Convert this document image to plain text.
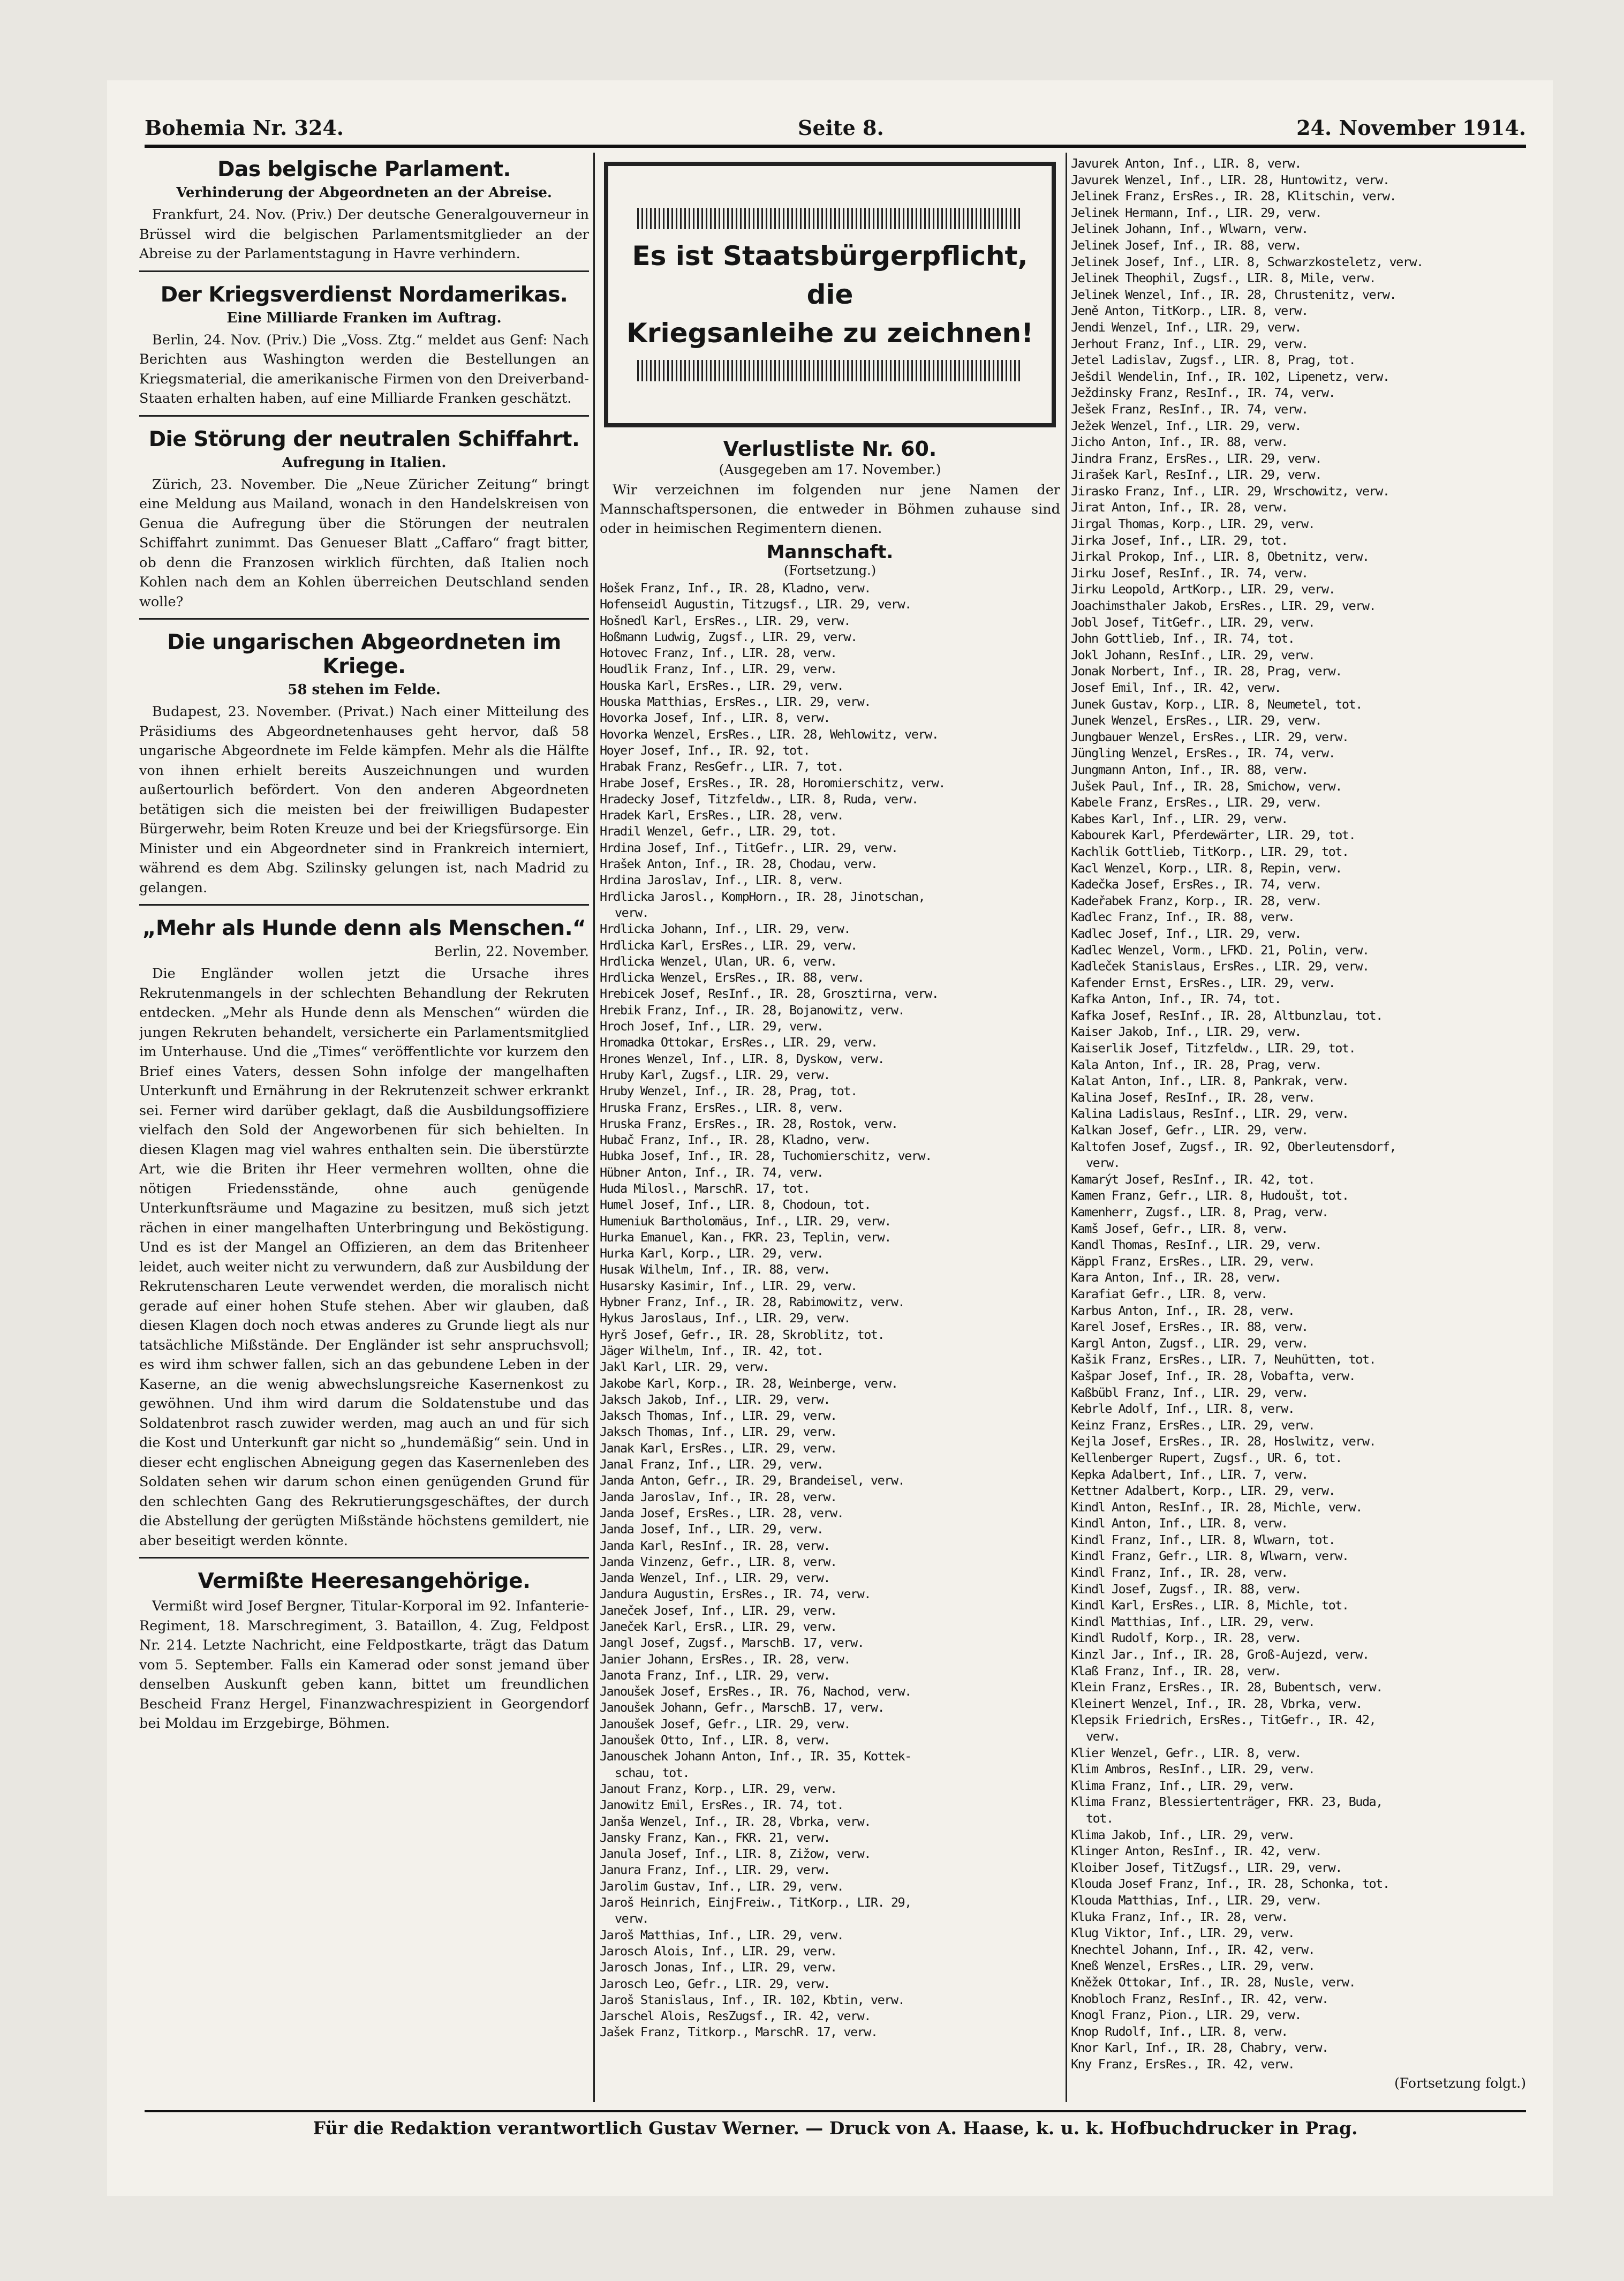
Bohemia Nr. 324.	Seite 8.	24. November 1914.
Das belgische Parlament.
Verhinderung der Abgeordneten an der Abreise.

Frankfurt, 24. Nov. (Priv.) Der deutsche Generalgouverneur in Brüssel wird die belgischen Parlamentsmitglieder an der Abreise zu der Parlamentstagung in Havre verhindern.

Der Kriegsverdienst Nordamerikas.
Eine Milliarde Franken im Auftrag.

Berlin, 24. Nov. (Priv.) Die „Voss. Ztg.“ meldet aus Genf: Nach Berichten aus Washington werden die Bestellungen an Kriegsmaterial, die amerikanische Firmen von den Dreiverband-Staaten erhalten haben, auf eine Milliarde Franken geschätzt.

Die Störung der neutralen Schiffahrt.
Aufregung in Italien.

Zürich, 23. November. Die „Neue Züricher Zeitung“ bringt eine Meldung aus Mailand, wonach in den Handelskreisen von Genua die Aufregung über die Störungen der neutralen Schiffahrt zunimmt. Das Genueser Blatt „Caffaro“ fragt bitter, ob denn die Franzosen wirklich fürchten, daß Italien noch Kohlen nach dem an Kohlen überreichen Deutschland senden wolle?

Die ungarischen Abgeordneten im Kriege.
58 stehen im Felde.

Budapest, 23. November. (Privat.) Nach einer Mitteilung des Präsidiums des Abgeordnetenhauses geht hervor, daß 58 ungarische Abgeordnete im Felde kämpfen. Mehr als die Hälfte von ihnen erhielt bereits Auszeichnungen und wurden außertourlich befördert. Von den anderen Abgeordneten betätigen sich die meisten bei der freiwilligen Budapester Bürgerwehr, beim Roten Kreuze und bei der Kriegsfürsorge. Ein Minister und ein Abgeordneter sind in Frankreich interniert, während es dem Abg. Szilinsky gelungen ist, nach Madrid zu gelangen.

„Mehr als Hunde denn als Menschen.“
Berlin, 22. November.

Die Engländer wollen jetzt die Ursache ihres Rekrutenmangels in der schlechten Behandlung der Rekruten entdecken. „Mehr als Hunde denn als Menschen“ würden die jungen Rekruten behandelt, versicherte ein Parlamentsmitglied im Unterhause. Und die „Times“ veröffentlichte vor kurzem den Brief eines Vaters, dessen Sohn infolge der mangelhaften Unterkunft und Ernährung in der Rekrutenzeit schwer erkrankt sei. Ferner wird darüber geklagt, daß die Ausbildungsoffiziere vielfach den Sold der Angeworbenen für sich behielten. In diesen Klagen mag viel wahres enthalten sein. Die überstürzte Art, wie die Briten ihr Heer vermehren wollten, ohne die nötigen Friedensstände, ohne auch genügende Unterkunftsräume und Magazine zu besitzen, muß sich jetzt rächen in einer mangelhaften Unterbringung und Beköstigung. Und es ist der Mangel an Offizieren, an dem das Britenheer leidet, auch weiter nicht zu verwundern, daß zur Ausbildung der Rekrutenscharen Leute verwendet werden, die moralisch nicht gerade auf einer hohen Stufe stehen. Aber wir glauben, daß diesen Klagen doch noch etwas anderes zu Grunde liegt als nur tatsächliche Mißstände. Der Engländer ist sehr anspruchsvoll; es wird ihm schwer fallen, sich an das gebundene Leben in der Kaserne, an die wenig abwechslungsreiche Kasernenkost zu gewöhnen. Und ihm wird darum die Soldatenstube und das Soldatenbrot rasch zuwider werden, mag auch an und für sich die Kost und Unterkunft gar nicht so „hundemäßig“ sein. Und in dieser echt englischen Abneigung gegen das Kasernenleben des Soldaten sehen wir darum schon einen genügenden Grund für den schlechten Gang des Rekrutierungsgeschäftes, der durch die Abstellung der gerügten Mißstände höchstens gemildert, nie aber beseitigt werden könnte.

Vermißte Heeresangehörige.

Vermißt wird Josef Bergner, Titular-Korporal im 92. Infanterie-Regiment, 18. Marschregiment, 3. Bataillon, 4. Zug, Feldpost Nr. 214. Letzte Nachricht, eine Feldpostkarte, trägt das Datum vom 5. September. Falls ein Kamerad oder sonst jemand über denselben Auskunft geben kann, bittet um freundlichen Bescheid Franz Hergel, Finanzwachrespizient in Georgendorf bei Moldau im Erzgebirge, Böhmen.

Es ist Staatsbürgerpflicht, die
Kriegsanleihe zu zeichnen!
Verlustliste Nr. 60.
(Ausgegeben am 17. November.)

Wir verzeichnen im folgenden nur jene Namen der Mannschaftspersonen, die entweder in Böhmen zuhause sind oder in heimischen Regimentern dienen.

Mannschaft.
(Fortsetzung.)
Hošek Franz, Inf., IR. 28, Kladno, verw.
Hofenseidl Augustin, Titzugsf., LIR. 29, verw.
Hošnedl Karl, ErsRes., LIR. 29, verw.
Hoßmann Ludwig, Zugsf., LIR. 29, verw.
Hotovec Franz, Inf., LIR. 28, verw.
Houdlik Franz, Inf., LIR. 29, verw.
Houska Karl, ErsRes., LIR. 29, verw.
Houska Matthias, ErsRes., LIR. 29, verw.
Hovorka Josef, Inf., LIR. 8, verw.
Hovorka Wenzel, ErsRes., LIR. 28, Wehlowitz, verw.
Hoyer Josef, Inf., IR. 92, tot.
Hrabak Franz, ResGefr., LIR. 7, tot.
Hrabe Josef, ErsRes., IR. 28, Horomierschitz, verw.
Hradecky Josef, Titzfeldw., LIR. 8, Ruda, verw.
Hradek Karl, ErsRes., LIR. 28, verw.
Hradil Wenzel, Gefr., LIR. 29, tot.
Hrdina Josef, Inf., TitGefr., LIR. 29, verw.
Hrašek Anton, Inf., IR. 28, Chodau, verw.
Hrdina Jaroslav, Inf., LIR. 8, verw.
Hrdlicka Jarosl., KompHorn., IR. 28, Jinotschan,
verw.
Hrdlicka Johann, Inf., LIR. 29, verw.
Hrdlicka Karl, ErsRes., LIR. 29, verw.
Hrdlicka Wenzel, Ulan, UR. 6, verw.
Hrdlicka Wenzel, ErsRes., IR. 88, verw.
Hrebicek Josef, ResInf., IR. 28, Grosztirna, verw.
Hrebik Franz, Inf., IR. 28, Bojanowitz, verw.
Hroch Josef, Inf., LIR. 29, verw.
Hromadka Ottokar, ErsRes., LIR. 29, verw.
Hrones Wenzel, Inf., LIR. 8, Dyskow, verw.
Hruby Karl, Zugsf., LIR. 29, verw.
Hruby Wenzel, Inf., IR. 28, Prag, tot.
Hruska Franz, ErsRes., LIR. 8, verw.
Hruska Franz, ErsRes., IR. 28, Rostok, verw.
Hubač Franz, Inf., IR. 28, Kladno, verw.
Hubka Josef, Inf., IR. 28, Tuchomierschitz, verw.
Hübner Anton, Inf., IR. 74, verw.
Huda Milosl., MarschR. 17, tot.
Humel Josef, Inf., LIR. 8, Chodoun, tot.
Humeniuk Bartholomäus, Inf., LIR. 29, verw.
Hurka Emanuel, Kan., FKR. 23, Teplin, verw.
Hurka Karl, Korp., LIR. 29, verw.
Husak Wilhelm, Inf., IR. 88, verw.
Husarsky Kasimir, Inf., LIR. 29, verw.
Hybner Franz, Inf., IR. 28, Rabimowitz, verw.
Hykus Jaroslaus, Inf., LIR. 29, verw.
Hyrš Josef, Gefr., IR. 28, Skroblitz, tot.
Jäger Wilhelm, Inf., IR. 42, tot.
Jakl Karl, LIR. 29, verw.
Jakobe Karl, Korp., IR. 28, Weinberge, verw.
Jaksch Jakob, Inf., LIR. 29, verw.
Jaksch Thomas, Inf., LIR. 29, verw.
Jaksch Thomas, Inf., LIR. 29, verw.
Janak Karl, ErsRes., LIR. 29, verw.
Janal Franz, Inf., LIR. 29, verw.
Janda Anton, Gefr., IR. 29, Brandeisel, verw.
Janda Jaroslav, Inf., IR. 28, verw.
Janda Josef, ErsRes., LIR. 28, verw.
Janda Josef, Inf., LIR. 29, verw.
Janda Karl, ResInf., IR. 28, verw.
Janda Vinzenz, Gefr., LIR. 8, verw.
Janda Wenzel, Inf., LIR. 29, verw.
Jandura Augustin, ErsRes., IR. 74, verw.
Janeček Josef, Inf., LIR. 29, verw.
Janeček Karl, ErsR., LIR. 29, verw.
Jangl Josef, Zugsf., MarschB. 17, verw.
Janier Johann, ErsRes., IR. 28, verw.
Janota Franz, Inf., LIR. 29, verw.
Janoušek Josef, ErsRes., IR. 76, Nachod, verw.
Janoušek Johann, Gefr., MarschB. 17, verw.
Janoušek Josef, Gefr., LIR. 29, verw.
Janoušek Otto, Inf., LIR. 8, verw.
Janouschek Johann Anton, Inf., IR. 35, Kottek-
schau, tot.
Janout Franz, Korp., LIR. 29, verw.
Janowitz Emil, ErsRes., IR. 74, tot.
Janša Wenzel, Inf., IR. 28, Vbrka, verw.
Jansky Franz, Kan., FKR. 21, verw.
Janula Josef, Inf., LIR. 8, Zižow, verw.
Janura Franz, Inf., LIR. 29, verw.
Jarolim Gustav, Inf., LIR. 29, verw.
Jaroš Heinrich, EinjFreiw., TitKorp., LIR. 29,
verw.
Jaroš Matthias, Inf., LIR. 29, verw.
Jarosch Alois, Inf., LIR. 29, verw.
Jarosch Jonas, Inf., LIR. 29, verw.
Jarosch Leo, Gefr., LIR. 29, verw.
Jaroš Stanislaus, Inf., IR. 102, Kbtin, verw.
Jarschel Alois, ResZugsf., IR. 42, verw.
Jašek Franz, Titkorp., MarschR. 17, verw.
Javurek Anton, Inf., LIR. 8, verw.
Javurek Wenzel, Inf., LIR. 28, Huntowitz, verw.
Jelinek Franz, ErsRes., IR. 28, Klitschin, verw.
Jelinek Hermann, Inf., LIR. 29, verw.
Jelinek Johann, Inf., Wlwarn, verw.
Jelinek Josef, Inf., IR. 88, verw.
Jelinek Josef, Inf., LIR. 8, Schwarzkosteletz, verw.
Jelinek Theophil, Zugsf., LIR. 8, Mile, verw.
Jelinek Wenzel, Inf., IR. 28, Chrustenitz, verw.
Jeně Anton, TitKorp., LIR. 8, verw.
Jendi Wenzel, Inf., LIR. 29, verw.
Jerhout Franz, Inf., LIR. 29, verw.
Jetel Ladislav, Zugsf., LIR. 8, Prag, tot.
Ješdil Wendelin, Inf., IR. 102, Lipenetz, verw.
Ježdinsky Franz, ResInf., IR. 74, verw.
Ješek Franz, ResInf., IR. 74, verw.
Ježek Wenzel, Inf., LIR. 29, verw.
Jicho Anton, Inf., IR. 88, verw.
Jindra Franz, ErsRes., LIR. 29, verw.
Jirašek Karl, ResInf., LIR. 29, verw.
Jirasko Franz, Inf., LIR. 29, Wrschowitz, verw.
Jirat Anton, Inf., IR. 28, verw.
Jirgal Thomas, Korp., LIR. 29, verw.
Jirka Josef, Inf., LIR. 29, tot.
Jirkal Prokop, Inf., LIR. 8, Obetnitz, verw.
Jirku Josef, ResInf., IR. 74, verw.
Jirku Leopold, ArtKorp., LIR. 29, verw.
Joachimsthaler Jakob, ErsRes., LIR. 29, verw.
Jobl Josef, TitGefr., LIR. 29, verw.
John Gottlieb, Inf., IR. 74, tot.
Jokl Johann, ResInf., LIR. 29, verw.
Jonak Norbert, Inf., IR. 28, Prag, verw.
Josef Emil, Inf., IR. 42, verw.
Junek Gustav, Korp., LIR. 8, Neumetel, tot.
Junek Wenzel, ErsRes., LIR. 29, verw.
Jungbauer Wenzel, ErsRes., LIR. 29, verw.
Jüngling Wenzel, ErsRes., IR. 74, verw.
Jungmann Anton, Inf., IR. 88, verw.
Jušek Paul, Inf., IR. 28, Smichow, verw.
Kabele Franz, ErsRes., LIR. 29, verw.
Kabes Karl, Inf., LIR. 29, verw.
Kabourek Karl, Pferdewärter, LIR. 29, tot.
Kachlik Gottlieb, TitKorp., LIR. 29, tot.
Kacl Wenzel, Korp., LIR. 8, Repin, verw.
Kadečka Josef, ErsRes., IR. 74, verw.
Kadeřabek Franz, Korp., IR. 28, verw.
Kadlec Franz, Inf., IR. 88, verw.
Kadlec Josef, Inf., LIR. 29, verw.
Kadlec Wenzel, Vorm., LFKD. 21, Polin, verw.
Kadleček Stanislaus, ErsRes., LIR. 29, verw.
Kafender Ernst, ErsRes., LIR. 29, verw.
Kafka Anton, Inf., IR. 74, tot.
Kafka Josef, ResInf., IR. 28, Altbunzlau, tot.
Kaiser Jakob, Inf., LIR. 29, verw.
Kaiserlik Josef, Titzfeldw., LIR. 29, tot.
Kala Anton, Inf., IR. 28, Prag, verw.
Kalat Anton, Inf., LIR. 8, Pankrak, verw.
Kalina Josef, ResInf., IR. 28, verw.
Kalina Ladislaus, ResInf., LIR. 29, verw.
Kalkan Josef, Gefr., LIR. 29, verw.
Kaltofen Josef, Zugsf., IR. 92, Oberleutensdorf,
verw.
Kamarýt Josef, ResInf., IR. 42, tot.
Kamen Franz, Gefr., LIR. 8, Hudoušt, tot.
Kamenherr, Zugsf., LIR. 8, Prag, verw.
Kamš Josef, Gefr., LIR. 8, verw.
Kandl Thomas, ResInf., LIR. 29, verw.
Käppl Franz, ErsRes., LIR. 29, verw.
Kara Anton, Inf., IR. 28, verw.
Karafiat Gefr., LIR. 8, verw.
Karbus Anton, Inf., IR. 28, verw.
Karel Josef, ErsRes., IR. 88, verw.
Kargl Anton, Zugsf., LIR. 29, verw.
Kašik Franz, ErsRes., LIR. 7, Neuhütten, tot.
Kašpar Josef, Inf., IR. 28, Vobafta, verw.
Kaßbübl Franz, Inf., LIR. 29, verw.
Kebrle Adolf, Inf., LIR. 8, verw.
Keinz Franz, ErsRes., LIR. 29, verw.
Kejla Josef, ErsRes., IR. 28, Hoslwitz, verw.
Kellenberger Rupert, Zugsf., UR. 6, tot.
Kepka Adalbert, Inf., LIR. 7, verw.
Kettner Adalbert, Korp., LIR. 29, verw.
Kindl Anton, ResInf., IR. 28, Michle, verw.
Kindl Anton, Inf., LIR. 8, verw.
Kindl Franz, Inf., LIR. 8, Wlwarn, tot.
Kindl Franz, Gefr., LIR. 8, Wlwarn, verw.
Kindl Franz, Inf., IR. 28, verw.
Kindl Josef, Zugsf., IR. 88, verw.
Kindl Karl, ErsRes., LIR. 8, Michle, tot.
Kindl Matthias, Inf., LIR. 29, verw.
Kindl Rudolf, Korp., IR. 28, verw.
Kinzl Jar., Inf., IR. 28, Groß-Aujezd, verw.
Klaß Franz, Inf., IR. 28, verw.
Klein Franz, ErsRes., IR. 28, Bubentsch, verw.
Kleinert Wenzel, Inf., IR. 28, Vbrka, verw.
Klepsik Friedrich, ErsRes., TitGefr., IR. 42,
verw.
Klier Wenzel, Gefr., LIR. 8, verw.
Klim Ambros, ResInf., LIR. 29, verw.
Klima Franz, Inf., LIR. 29, verw.
Klima Franz, Blessiertenträger, FKR. 23, Buda,
tot.
Klima Jakob, Inf., LIR. 29, verw.
Klinger Anton, ResInf., IR. 42, verw.
Kloiber Josef, TitZugsf., LIR. 29, verw.
Klouda Josef Franz, Inf., IR. 28, Schonka, tot.
Klouda Matthias, Inf., LIR. 29, verw.
Kluka Franz, Inf., IR. 28, verw.
Klug Viktor, Inf., LIR. 29, verw.
Knechtel Johann, Inf., IR. 42, verw.
Kneß Wenzel, ErsRes., LIR. 29, verw.
Kněžek Ottokar, Inf., IR. 28, Nusle, verw.
Knobloch Franz, ResInf., IR. 42, verw.
Knogl Franz, Pion., LIR. 29, verw.
Knop Rudolf, Inf., LIR. 8, verw.
Knor Karl, Inf., IR. 28, Chabry, verw.
Kny Franz, ErsRes., IR. 42, verw.
(Fortsetzung folgt.)
Für die Redaktion verantwortlich Gustav Werner. — Druck von A. Haase, k. u. k. Hofbuchdrucker in Prag.
